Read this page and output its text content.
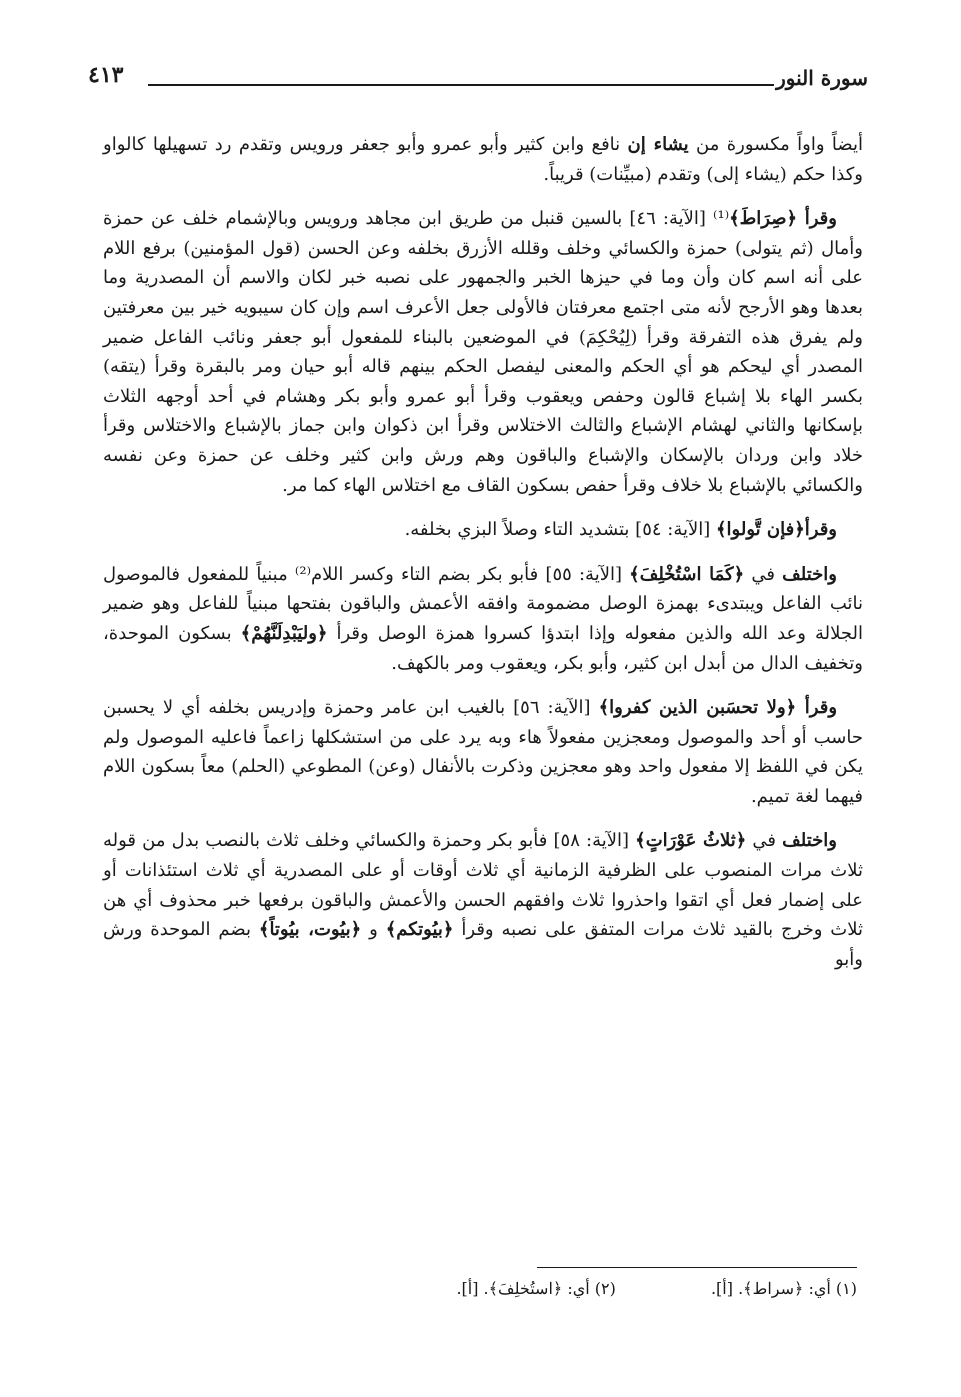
سورة النور
٤١٣

أيضاً واواً مكسورة من يشاء إن نافع وابن كثير وأبو عمرو وأبو جعفر ورويس وتقدم رد تسهيلها كالواو وكذا حكم (يشاء إلى) وتقدم (مبيِّنات) قريباً.

وقرأ ﴿صِرَاطَ﴾⁽¹⁾ [الآية: ٤٦] بالسين قنبل من طريق ابن مجاهد ورويس وبالإشمام خلف عن حمزة وأمال (ثم يتولى) حمزة والكسائي وخلف وقلله الأزرق بخلفه وعن الحسن (قول المؤمنين) برفع اللام على أنه اسم كان وأن وما في حيزها الخبر والجمهور على نصبه خبر لكان والاسم أن المصدرية وما بعدها وهو الأرجح لأنه متى اجتمع معرفتان فالأولى جعل الأعرف اسم وإن كان سيبويه خير بين معرفتين ولم يفرق هذه التفرقة وقرأ (لِيُحْكِمَ) في الموضعين بالبناء للمفعول أبو جعفر ونائب الفاعل ضمير المصدر أي ليحكم هو أي الحكم والمعنى ليفصل الحكم بينهم قاله أبو حيان ومر بالبقرة وقرأ (يتقه) بكسر الهاء بلا إشباع قالون وحفص ويعقوب وقرأ أبو عمرو وأبو بكر وهشام في أحد أوجهه الثلاث بإسكانها والثاني لهشام الإشباع والثالث الاختلاس وقرأ ابن ذكوان وابن جماز بالإشباع والاختلاس وقرأ خلاد وابن وردان بالإسكان والإشباع والباقون وهم ورش وابن كثير وخلف عن حمزة وعن نفسه والكسائي بالإشباع بلا خلاف وقرأ حفص بسكون القاف مع اختلاس الهاء كما مر.

وقرأ﴿فإن تَّولوا﴾ [الآية: ٥٤] بتشديد التاء وصلاً البزي بخلفه.

واختلف في ﴿كَمَا اسْتُخْلِفَ﴾ [الآية: ٥٥] فأبو بكر بضم التاء وكسر اللام⁽²⁾ مبنياً للمفعول فالموصول نائب الفاعل ويبتدىء بهمزة الوصل مضمومة وافقه الأعمش والباقون بفتحها مبنياً للفاعل وهو ضمير الجلالة وعد الله والذين مفعوله وإذا ابتدؤا كسروا همزة الوصل وقرأ ﴿وليَبْدِلَنَّهُمْ﴾ بسكون الموحدة، وتخفيف الدال من أبدل ابن كثير، وأبو بكر، ويعقوب ومر بالكهف.

وقرأ ﴿ولا تحسَبن الذين كفروا﴾ [الآية: ٥٦] بالغيب ابن عامر وحمزة وإدريس بخلفه أي لا يحسبن حاسب أو أحد والموصول ومعجزين مفعولاً هاء وبه يرد على من استشكلها زاعماً فاعليه الموصول ولم يكن في اللفظ إلا مفعول واحد وهو معجزين وذكرت بالأنفال (وعن) المطوعي (الحلم) معاً بسكون اللام فيهما لغة تميم.

واختلف في ﴿ثلاثُ عَوْرَاتٍ﴾ [الآية: ٥٨] فأبو بكر وحمزة والكسائي وخلف ثلاث بالنصب بدل من قوله ثلاث مرات المنصوب على الظرفية الزمانية أي ثلاث أوقات أو على المصدرية أي ثلاث استئذانات أو على إضمار فعل أي اتقوا واحذروا ثلاث وافقهم الحسن والأعمش والباقون برفعها خبر محذوف أي هن ثلاث وخرج بالقيد ثلاث مرات المتفق على نصبه وقرأ ﴿بيُوتكم﴾ و ﴿بيُوت، بيُوتاً﴾ بضم الموحدة ورش وأبو

(١) أي: ﴿سراط﴾. [أ]. (٢) أي: ﴿استُخلِفَ﴾. [أ].
